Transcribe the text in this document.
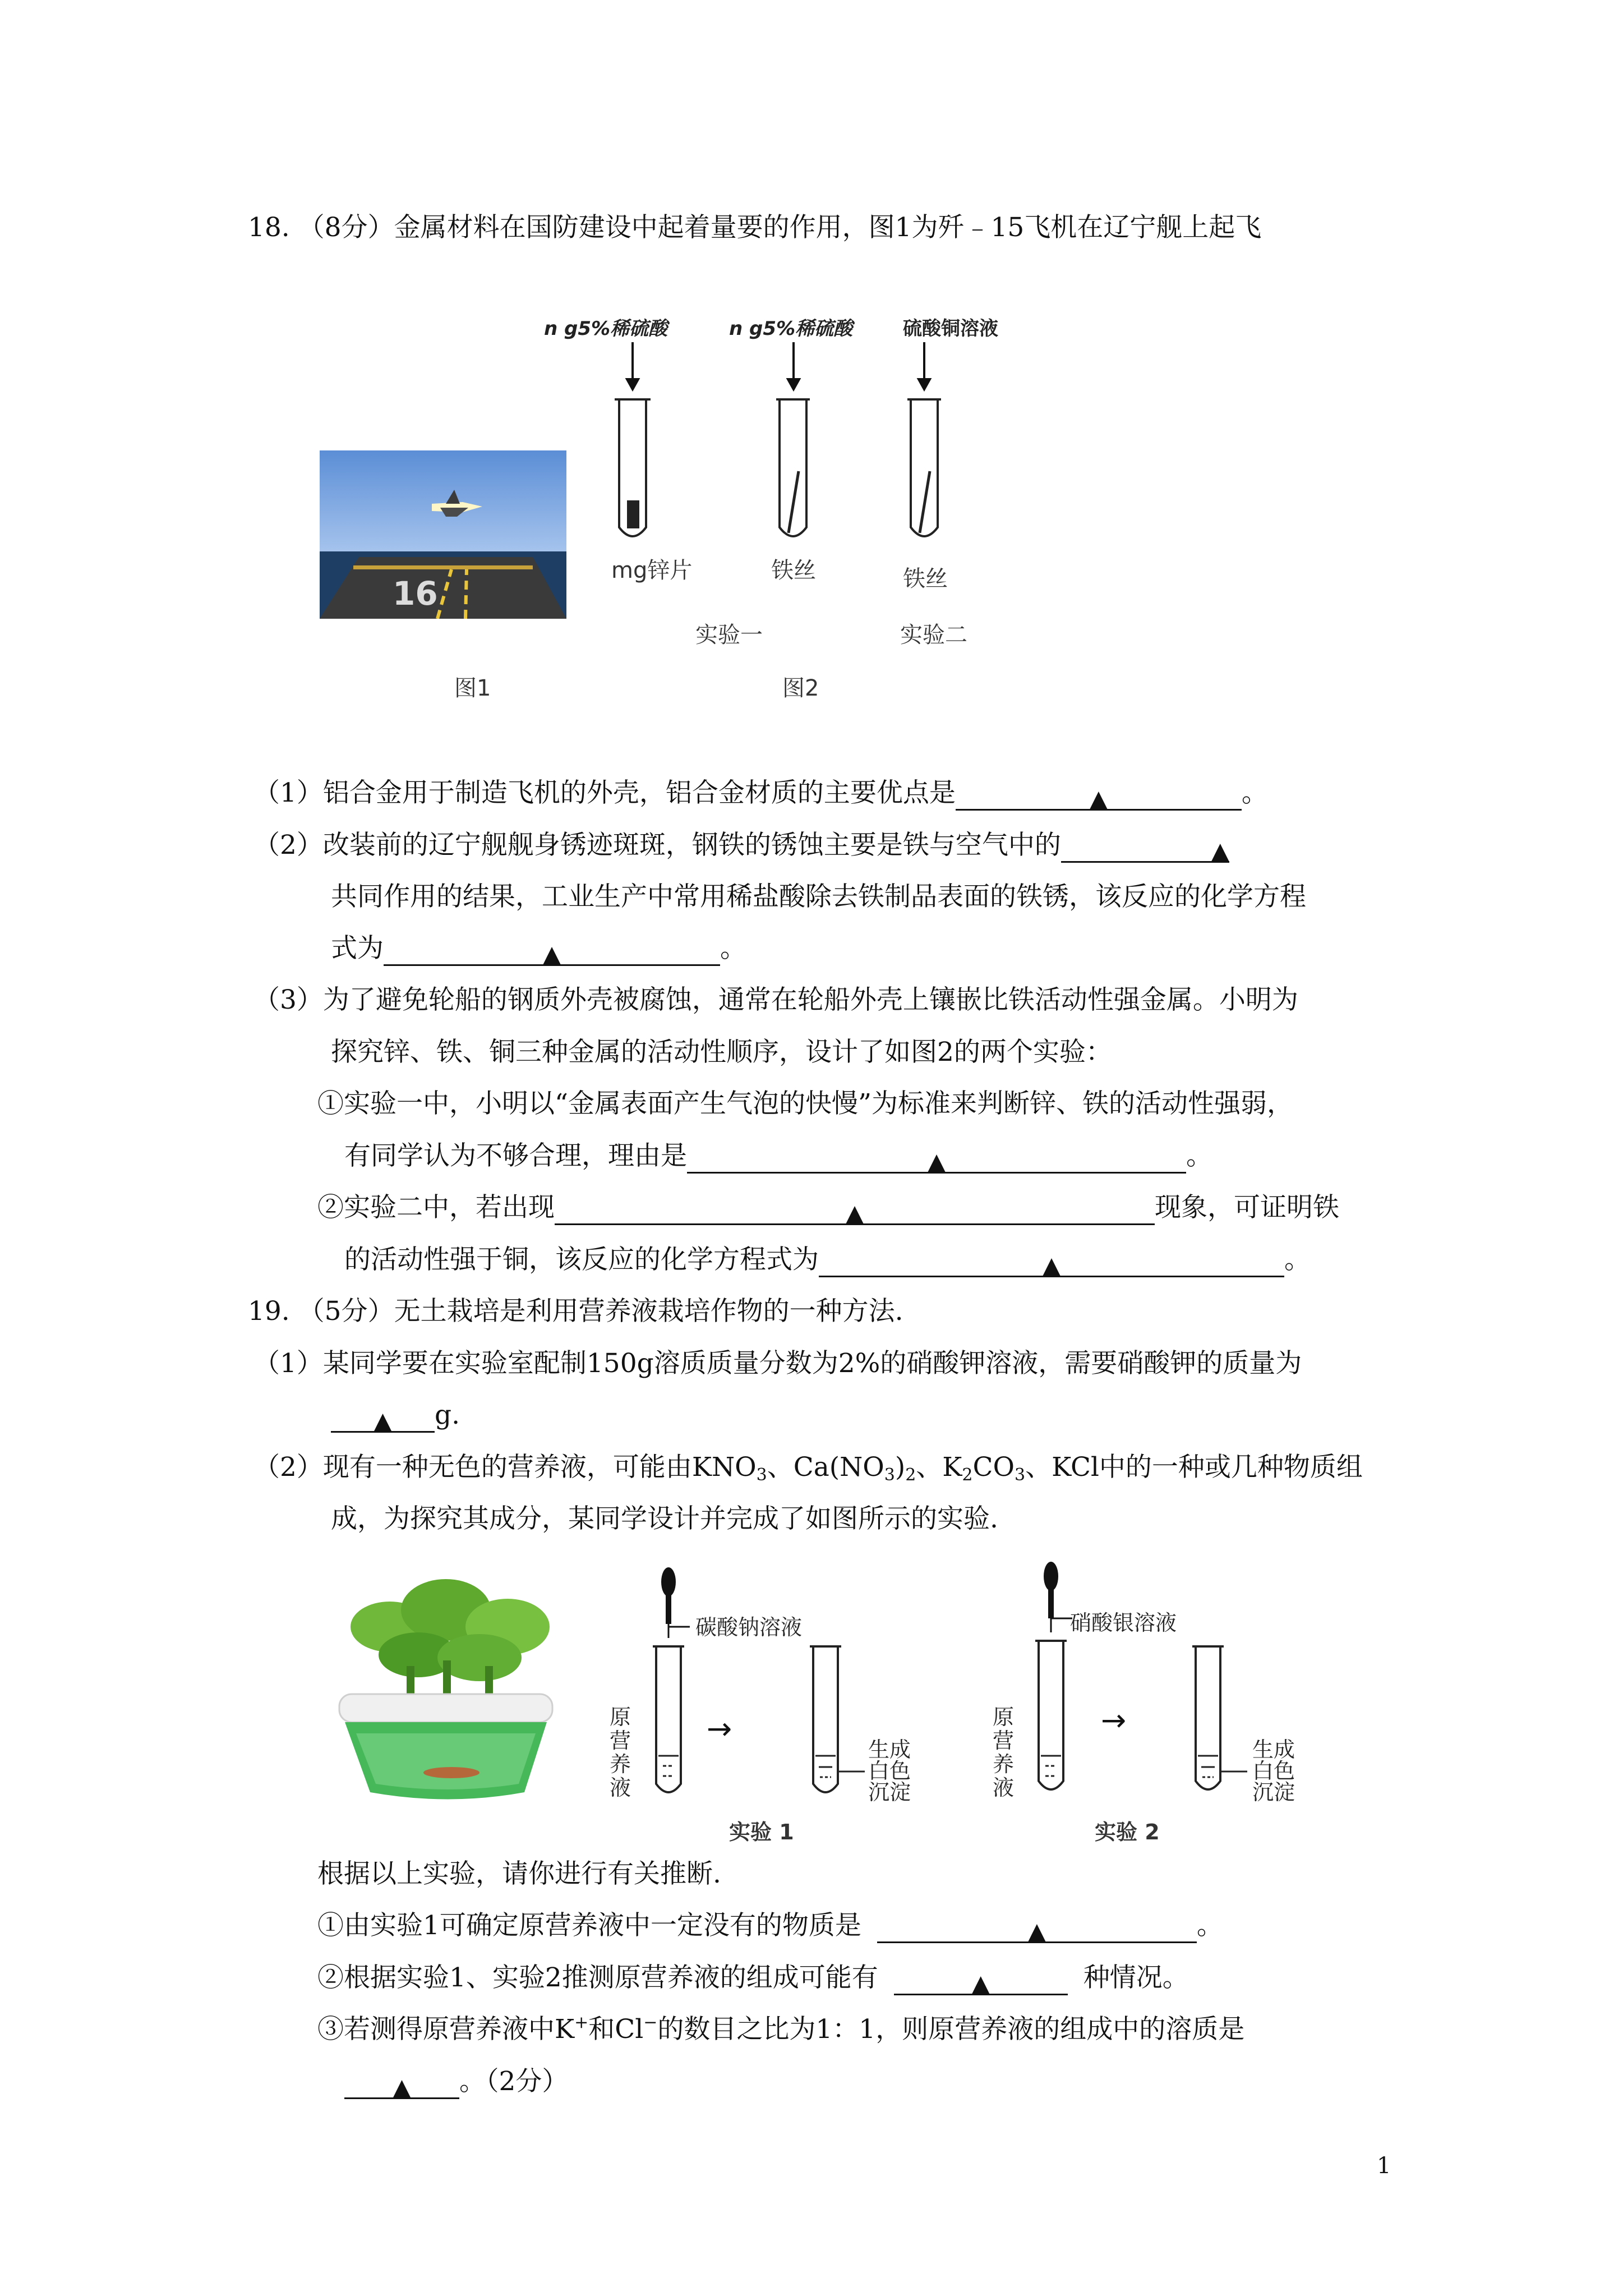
18. （8分）金属材料在国防建设中起着量要的作用，图1为歼﹣15飞机在辽宁舰上起飞
16
图1
n g5%稀硫酸	n g5%稀硫酸	硫酸铜溶液
mg锌片	铁丝	铁丝
实验一	实验二
图2
（1）铝合金用于制造飞机的外壳，铝合金材质的主要优点是	▲	。
（2）改装前的辽宁舰舰身锈迹斑斑，钢铁的锈蚀主要是铁与空气中的	▲
共同作用的结果，工业生产中常用稀盐酸除去铁制品表面的铁锈，该反应的化学方程
式为	▲	。
（3）为了避免轮船的钢质外壳被腐蚀，通常在轮船外壳上镶嵌比铁活动性强金属。小明为
探究锌、铁、铜三种金属的活动性顺序，设计了如图2的两个实验：
①实验一中，小明以“金属表面产生气泡的快慢”为标准来判断锌、铁的活动性强弱，
有同学认为不够合理，理由是	▲	。
②实验二中，若出现	▲	现象，可证明铁
的活动性强于铜，该反应的化学方程式为	▲	。
19. （5分）无土栽培是利用营养液栽培作物的一种方法.
（1）某同学要在实验室配制150g溶质质量分数为2%的硝酸钾溶液，需要硝酸钾的质量为
▲ g.
（2）现有一种无色的营养液，可能由$KNO_3$、$Ca(NO_3)_2$、$K_2CO_3$、KCl中的一种或几种物质组
成，为探究其成分，某同学设计并完成了如图所示的实验.
碳酸钠溶液
原营养液
生成白色沉淀
→
实验 1
硝酸银溶液
原营养液
生成白色沉淀
→
实验 2
根据以上实验，请你进行有关推断.
①由实验1可确定原营养液中一定没有的物质是	▲	。
②根据实验1、实验2推测原营养液的组成可能有	▲	种情况。
③若测得原营养液中K+和Cl−的数目之比为1：1，则原营养液的组成中的溶质是
▲ 。（2分）
1
